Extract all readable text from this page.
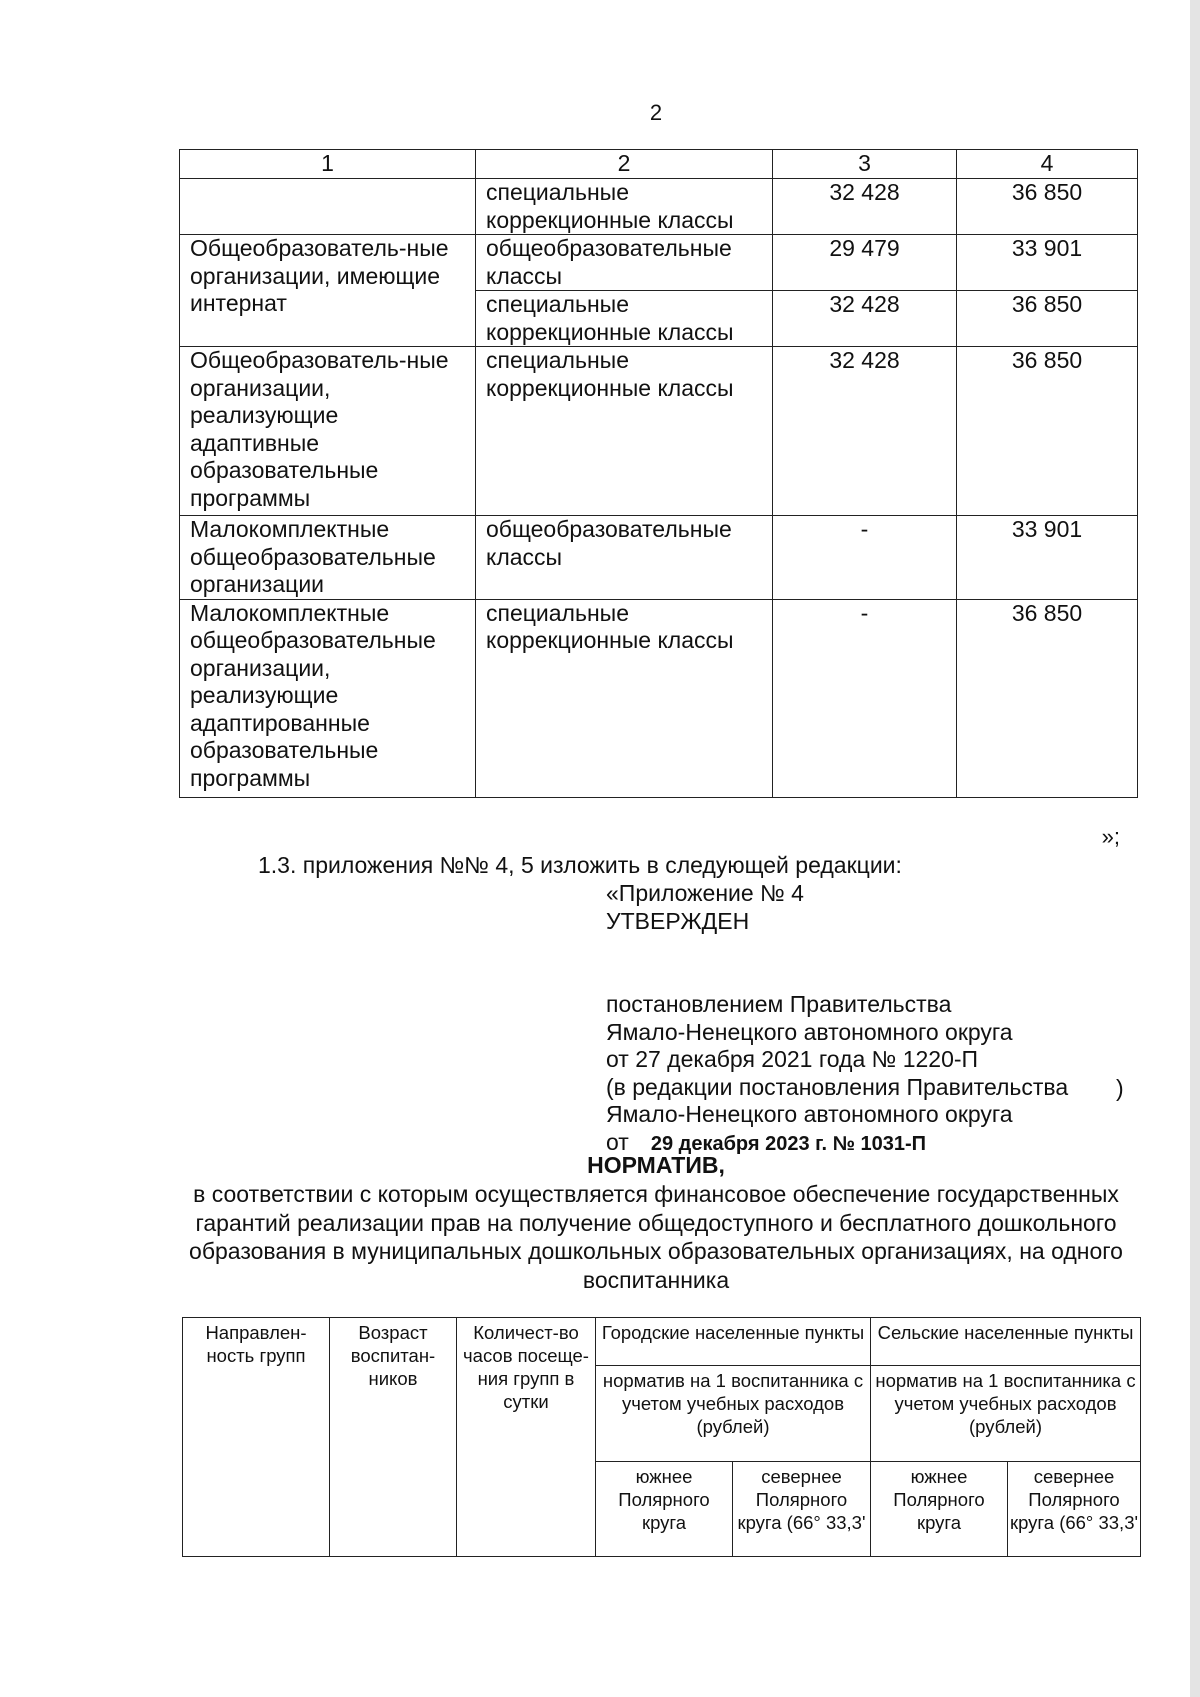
2
1	2	3	4
	специальные коррекционные классы	32 428	36 850
Общеобразователь-ные организации, имеющие интернат	общеобразовательные классы	29 479	33 901
	специальные коррекционные классы	32 428	36 850
Общеобразователь-ные организации, реализующие адаптивные образовательные программы	специальные коррекционные классы	32 428	36 850
Малокомплектные общеобразовательные организации	общеобразовательные классы	-	33 901
Малокомплектные общеобразовательные организации, реализующие адаптированные образовательные программы	специальные коррекционные классы	-	36 850
»;
1.3. приложения №№ 4, 5 изложить в следующей редакции:
«Приложение № 4
УТВЕРЖДЕН
постановлением Правительства
Ямало-Ненецкого автономного округа
от 27 декабря 2021 года № 1220-П
(в редакции постановления Правительства
Ямало-Ненецкого автономного округа
от 29 декабря 2023 г. № 1031-П
)
НОРМАТИВ,
в соответствии с которым осуществляется финансовое обеспечение государственных гарантий реализации прав на получение общедоступного и бесплатного дошкольного образования в муниципальных дошкольных образовательных организациях, на одного воспитанника
Направлен-ность групп	Возраст воспитан-ников	Количест-во часов посеще-ния групп в сутки	Городские населенные пункты		Сельские населенные пункты	
			норматив на 1 воспитанника с учетом учебных расходов (рублей)		норматив на 1 воспитанника с учетом учебных расходов (рублей)	
			южнее Полярного круга	севернее Полярного круга (66° 33,3'	южнее Полярного круга	севернее Полярного круга (66° 33,3'
